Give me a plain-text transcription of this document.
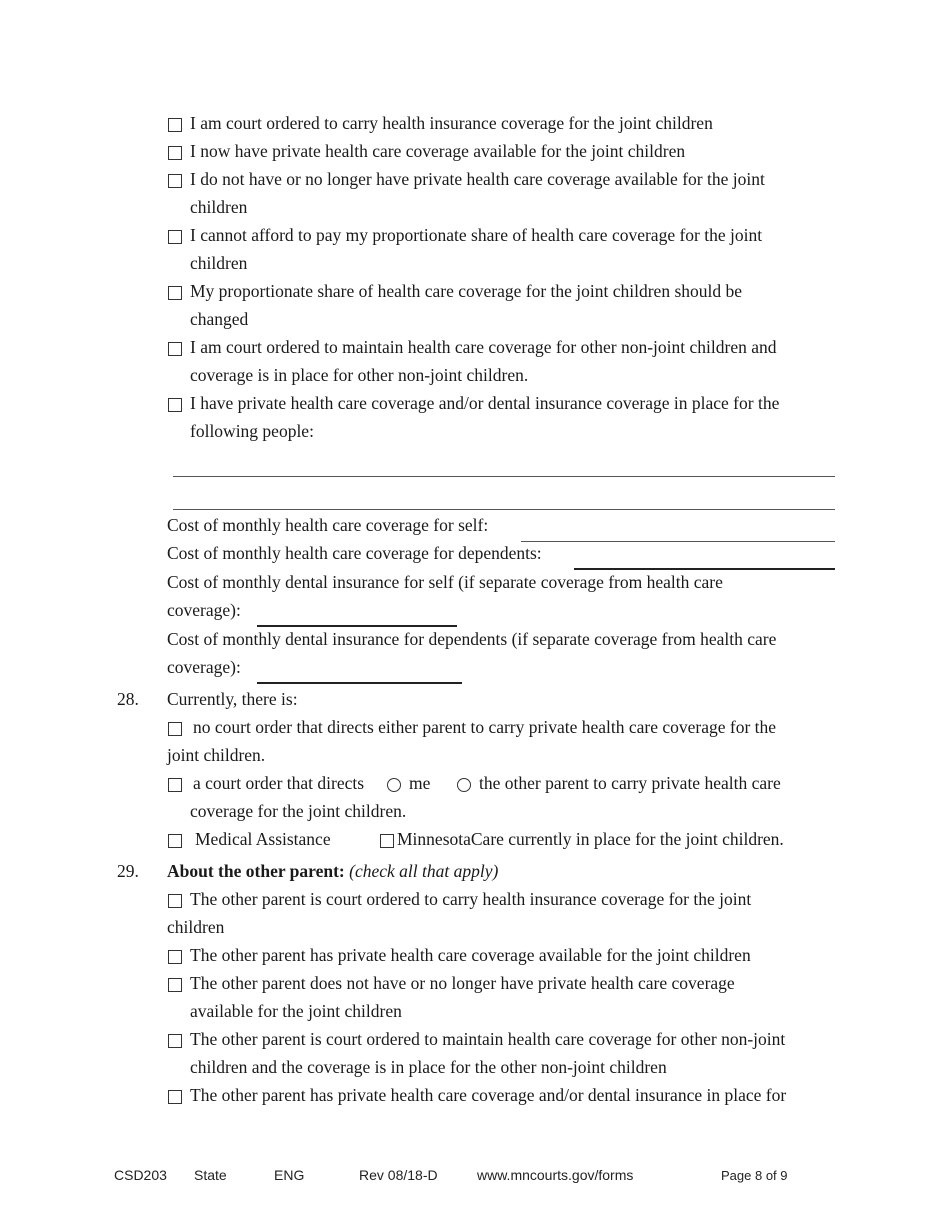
I am court ordered to carry health insurance coverage for the joint children
I now have private health care coverage available for the joint children
I do not have or no longer have private health care coverage available for the joint
children
I cannot afford to pay my proportionate share of health care coverage for the joint
children
My proportionate share of health care coverage for the joint children should be
changed
I am court ordered to maintain health care coverage for other non-joint children and
coverage is in place for other non-joint children.
I have private health care coverage and/or dental insurance coverage in place for the
following people:
Cost of monthly health care coverage for self:
Cost of monthly health care coverage for dependents:
Cost of monthly dental insurance for self (if separate coverage from health care
coverage):
Cost of monthly dental insurance for dependents (if separate coverage from health care
coverage):
28. Currently, there is:
no court order that directs either parent to carry private health care coverage for the
joint children.
a court order that directs	me	the other parent to carry private health care
coverage for the joint children.
Medical Assistance	MinnesotaCare currently in place for the joint children.
29. About the other parent: (check all that apply)
The other parent is court ordered to carry health insurance coverage for the joint
children
The other parent has private health care coverage available for the joint children
The other parent does not have or no longer have private health care coverage
available for the joint children
The other parent is court ordered to maintain health care coverage for other non-joint
children and the coverage is in place for the other non-joint children
The other parent has private health care coverage and/or dental insurance in place for
CSD203 State	ENG	Rev 08/18-D	www.mncourts.gov/forms	Page 8 of 9
